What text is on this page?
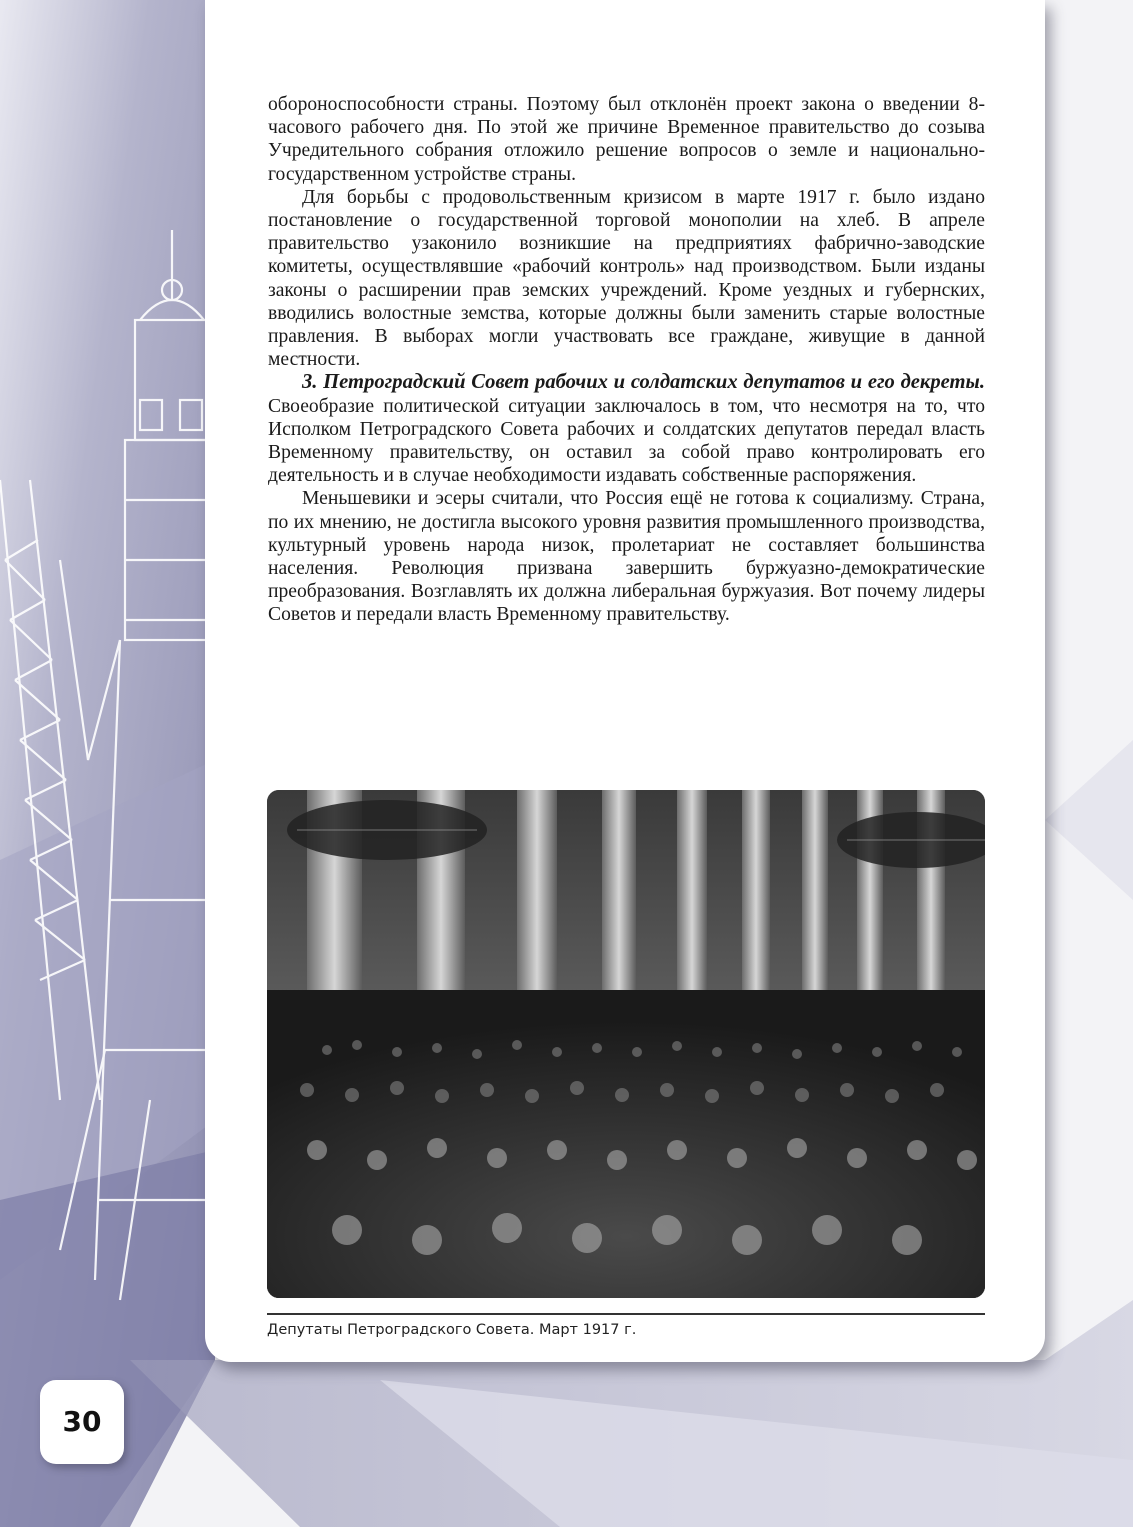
обороноспособности страны. Поэтому был отклонён проект закона о введении 8-часового рабочего дня. По этой же причине Временное правительство до созыва Учредительного собрания отложило решение вопросов о земле и национально-государственном устройстве страны.

Для борьбы с продовольственным кризисом в марте 1917 г. было издано постановление о государственной торговой монополии на хлеб. В апреле правительство узаконило возникшие на предприятиях фабрично-заводские комитеты, осуществлявшие «рабочий контроль» над производством. Были изданы законы о расширении прав земских учреждений. Кроме уездных и губернских, вводились волостные земства, которые должны были заменить старые волостные правления. В выборах могли участвовать все граждане, живущие в данной местности.

3. Петроградский Совет рабочих и солдатских депутатов и его декреты. Своеобразие политической ситуации заключалось в том, что несмотря на то, что Исполком Петроградского Совета рабочих и солдатских депутатов передал власть Временному правительству, он оставил за собой право контролировать его деятельность и в случае необходимости издавать собственные распоряжения.

Меньшевики и эсеры считали, что Россия ещё не готова к социализму. Страна, по их мнению, не достигла высокого уровня развития промышленного производства, культурный уровень народа низок, пролетариат не составляет большинства населения. Революция призвана завершить буржуазно-демократические преобразования. Возглавлять их должна либеральная буржуазия. Вот почему лидеры Советов и передали власть Временному правительству.

Депутаты Петроградского Совета. Март 1917 г.
30
